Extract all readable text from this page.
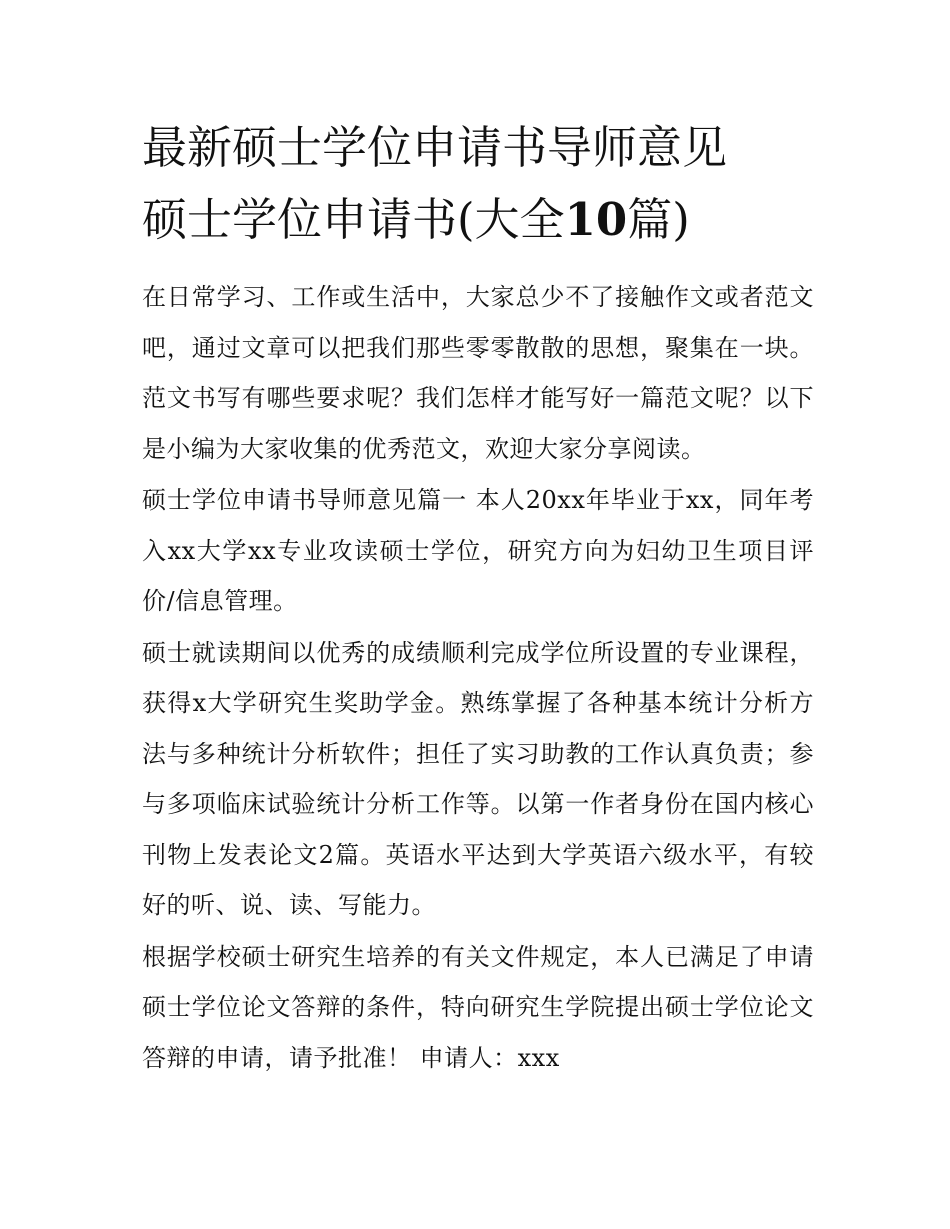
最新硕士学位申请书导师意见
硕士学位申请书(大全10篇)

在日常学习、工作或生活中，大家总少不了接触作文或者范文吧，通过文章可以把我们那些零零散散的思想，聚集在一块。范文书写有哪些要求呢？我们怎样才能写好一篇范文呢？以下是小编为大家收集的优秀范文，欢迎大家分享阅读。

硕士学位申请书导师意见篇一 本人20xx年毕业于xx，同年考入xx大学xx专业攻读硕士学位，研究方向为妇幼卫生项目评价/信息管理。

硕士就读期间以优秀的成绩顺利完成学位所设置的专业课程，获得x大学研究生奖助学金。熟练掌握了各种基本统计分析方法与多种统计分析软件；担任了实习助教的工作认真负责；参与多项临床试验统计分析工作等。以第一作者身份在国内核心刊物上发表论文2篇。英语水平达到大学英语六级水平，有较好的听、说、读、写能力。

根据学校硕士研究生培养的有关文件规定，本人已满足了申请硕士学位论文答辩的条件，特向研究生学院提出硕士学位论文答辩的申请，请予批准！ 申请人：xxx
